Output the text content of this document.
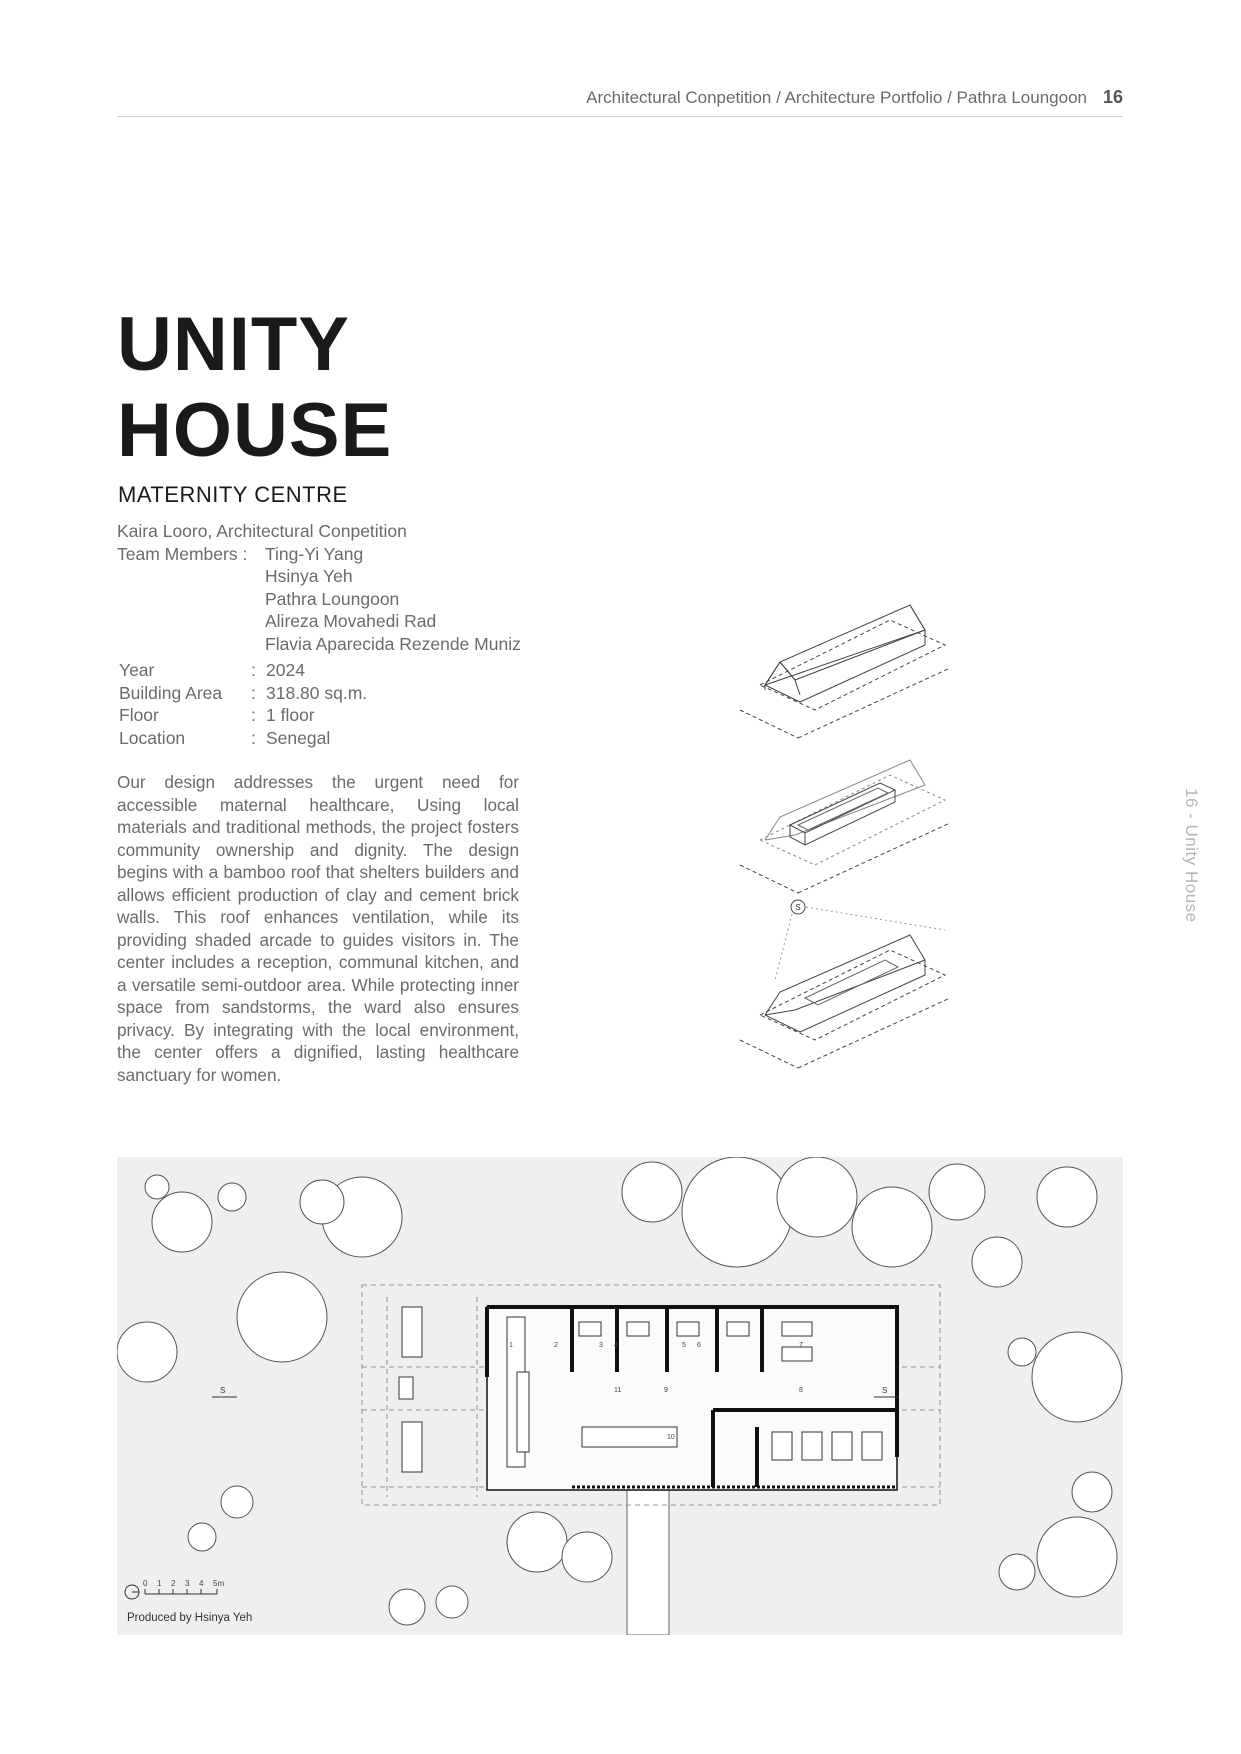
Architectural Conpetition / Architecture Portfolio / Pathra Loungoon 16
UNITY
HOUSE
MATERNITY CENTRE
Kaira Looro, Architectural Conpetition
Team Members :	Ting-Yi Yang
Hsinya Yeh
Pathra Loungoon
Alireza Movahedi Rad
Flavia Aparecida Rezende Muniz
Year	: 2024
Building Area	: 318.80 sq.m.
Floor	: 1 floor
Location	: Senegal
Our design addresses the urgent need for accessible maternal healthcare, Using local materials and traditional methods, the project fosters community ownership and dignity. The design begins with a bamboo roof that shelters builders and allows efficient production of clay and cement brick walls. This roof enhances ventilation, while its providing shaded arcade to guides visitors in. The center includes a reception, communal kitchen, and a versatile semi-outdoor area. While protecting inner space from sandstorms, the ward also ensures privacy. By integrating with the local environment, the center offers a dignified, lasting healthcare sanctuary for women.
16 - Unity House
S
S	S
1	2	3 4	5 6	7
8
9
10
11
0 1 2 3 4 5m
Produced by Hsinya Yeh
